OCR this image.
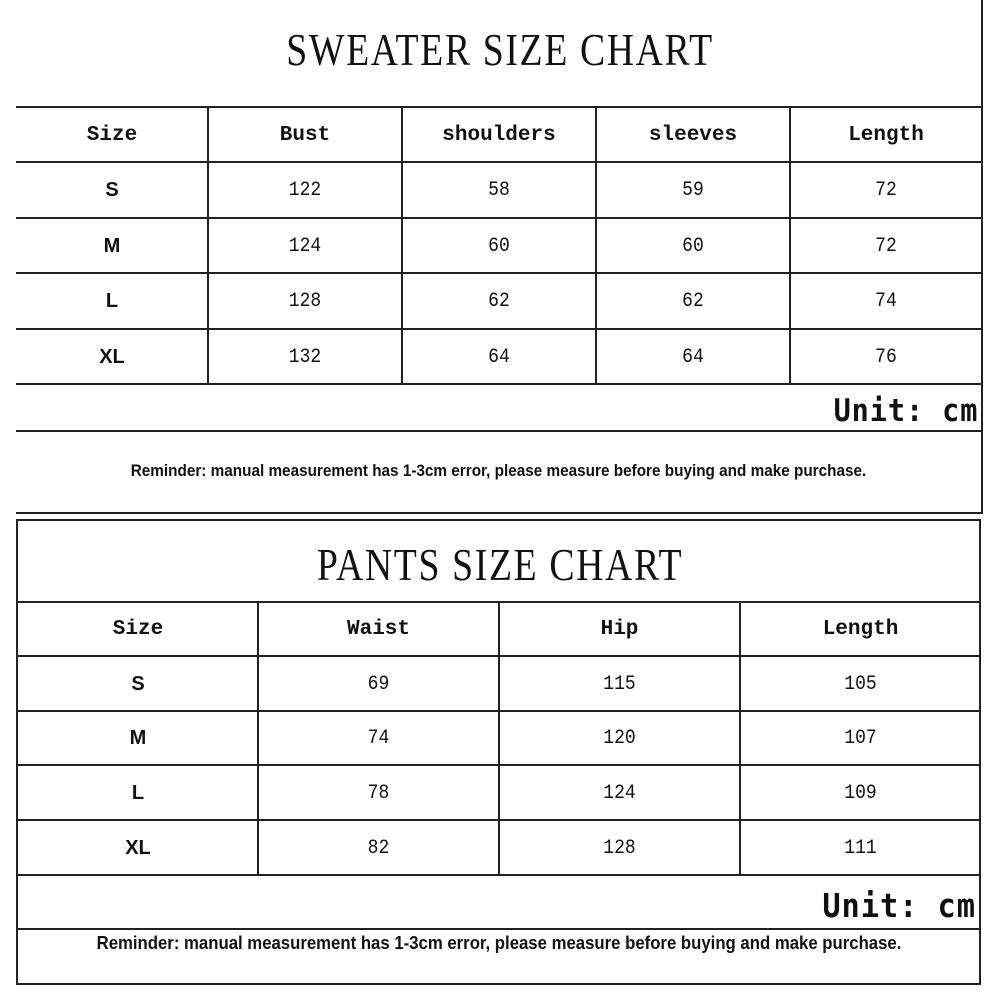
SWEATER SIZE CHART
Size	Bust	shoulders	sleeves	Length
S	122	58	59	72
M	124	60	60	72
L	128	62	62	74
XL	132	64	64	76
Unit: cm
Reminder: manual measurement has 1-3cm error, please measure before buying and make purchase.
PANTS SIZE CHART
Size	Waist	Hip	Length
S	69	115	105
M	74	120	107
L	78	124	109
XL	82	128	111
Unit: cm
Reminder: manual measurement has 1-3cm error, please measure before buying and make purchase.
